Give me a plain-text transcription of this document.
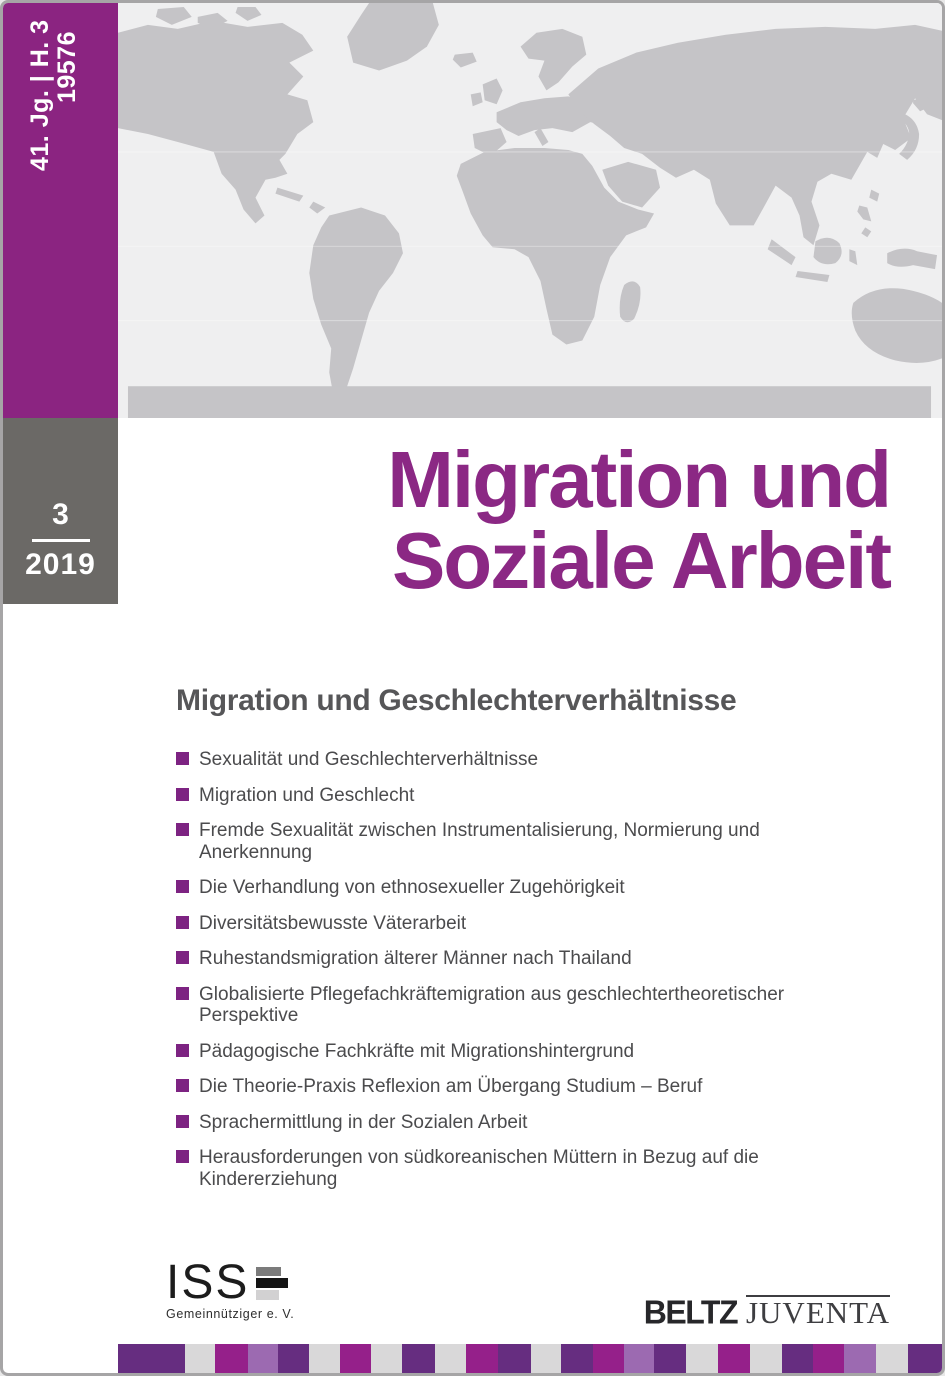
41. Jg. | H. 3 19576
3
2019
Migration und
Soziale Arbeit
Migration und Geschlechterverhältnisse
Sexualität und Geschlechterverhältnisse
Migration und Geschlecht
Fremde Sexualität zwischen Instrumentalisierung, Normierung und Anerkennung
Die Verhandlung von ethnosexueller Zugehörigkeit
Diversitätsbewusste Väterarbeit
Ruhestandsmigration älterer Männer nach Thailand
Globalisierte Pflegefachkräftemigration aus geschlechtertheoretischer Perspektive
Pädagogische Fachkräfte mit Migrationshintergrund
Die Theorie-Praxis Reflexion am Übergang Studium – Beruf
Sprachermittlung in der Sozialen Arbeit
Herausforderungen von südkoreanischen Müttern in Bezug auf die Kindererziehung
ISS
Gemeinnütziger e. V.	BELTZ JUVENTA
